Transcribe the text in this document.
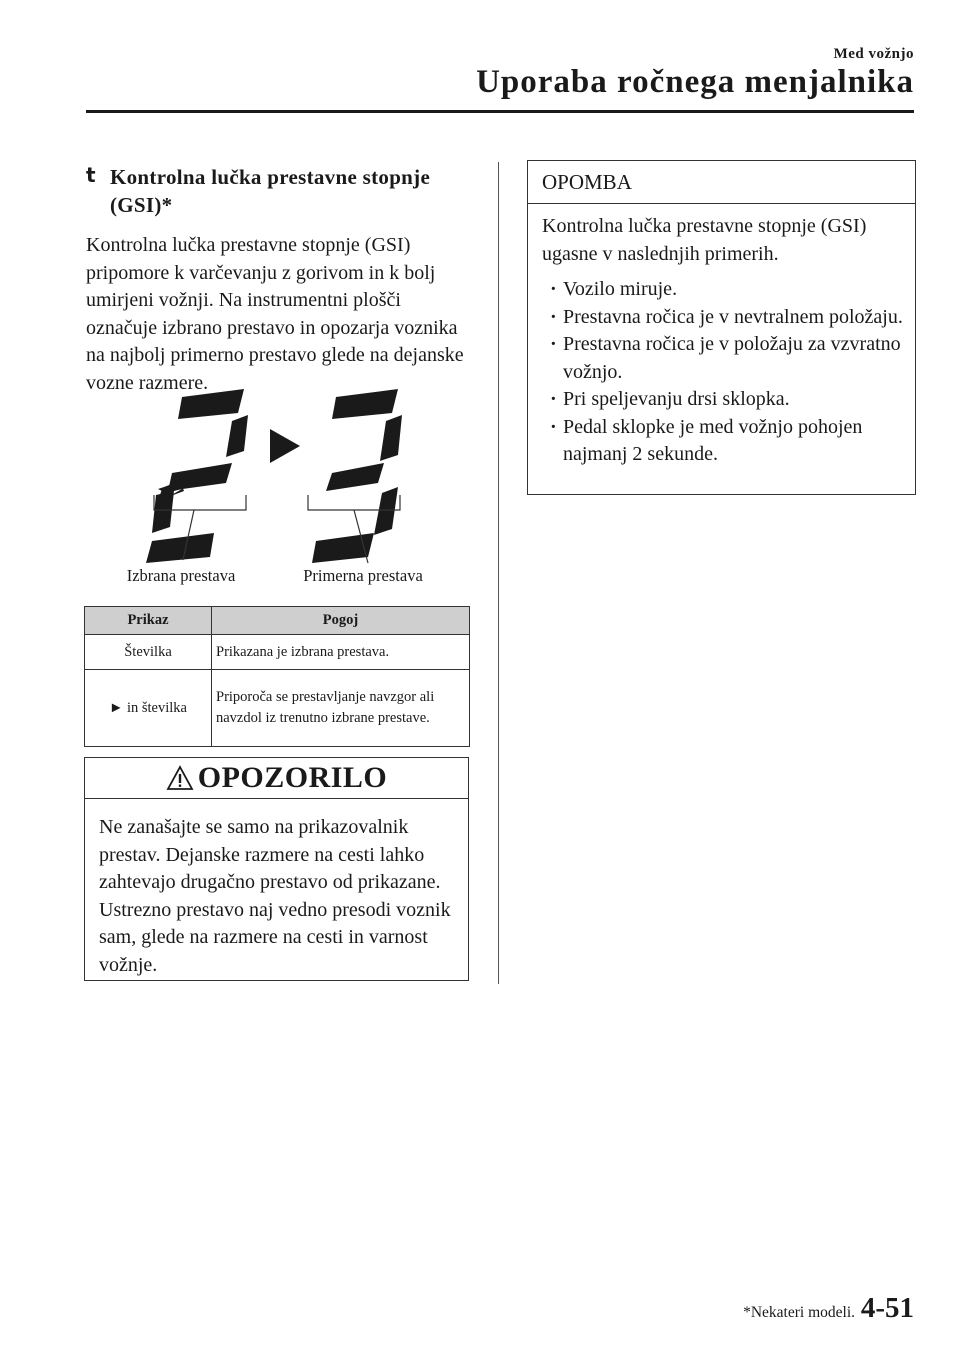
Med vožnjo
Uporaba ročnega menjalnika
t Kontrolna lučka prestavne stopnje (GSI)*
Kontrolna lučka prestavne stopnje (GSI) pripomore k varčevanju z gorivom in k bolj umirjeni vožnji. Na instrumentni plošči označuje izbrano prestavo in opozarja voznika na najbolj primerno prestavo glede na dejanske vozne razmere.
Izbrana prestava	Primerna prestava
Prikaz	Pogoj
Številka	Prikazana je izbrana prestava.
► in številka	Priporoča se prestavljanje navzgor ali navzdol iz trenutno izbrane prestave.
OPOZORILO
Ne zanašajte se samo na prikazovalnik prestav. Dejanske razmere na cesti lahko zahtevajo drugačno prestavo od prikazane. Ustrezno prestavo naj vedno presodi voznik sam, glede na razmere na cesti in varnost vožnje.
OPOMBA
Kontrolna lučka prestavne stopnje (GSI) ugasne v naslednjih primerih.
· Vozilo miruje.
· Prestavna ročica je v nevtralnem položaju.
· Prestavna ročica je v položaju za vzvratno vožnjo.
· Pri speljevanju drsi sklopka.
· Pedal sklopke je med vožnjo pohojen najmanj 2 sekunde.
*Nekateri modeli. 4-51
